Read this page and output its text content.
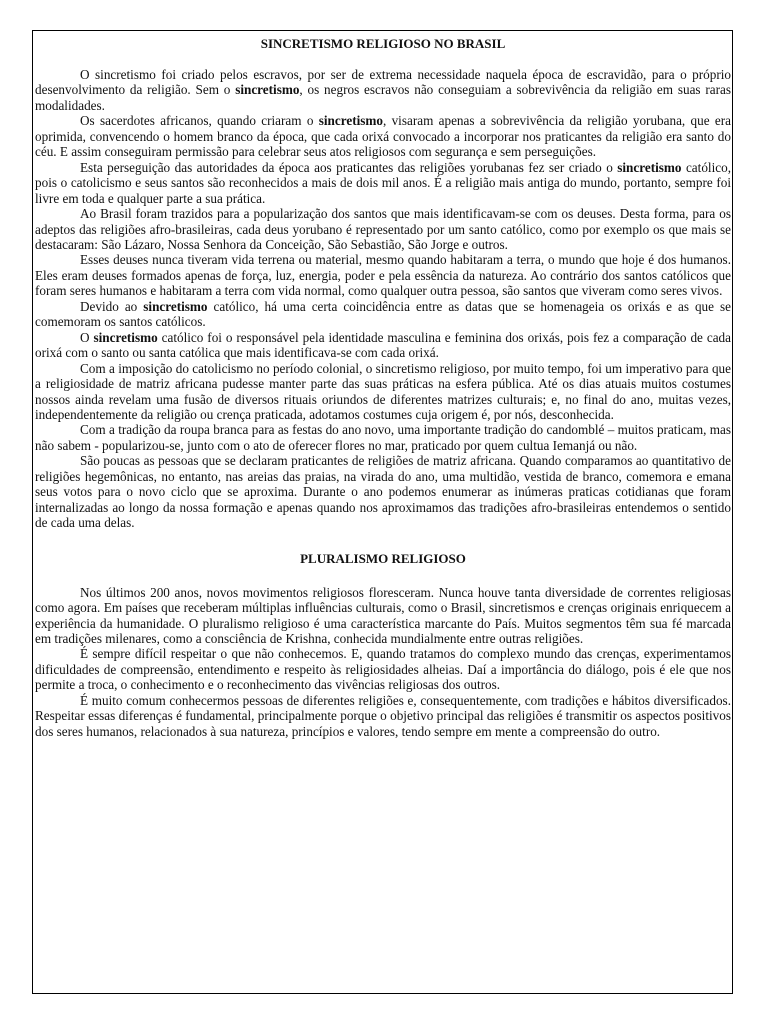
SINCRETISMO RELIGIOSO NO BRASIL

O sincretismo foi criado pelos escravos, por ser de extrema necessidade naquela época de escravidão, para o próprio desenvolvimento da religião. Sem o sincretismo, os negros escravos não conseguiam a sobrevivência da religião em suas raras modalidades.

Os sacerdotes africanos, quando criaram o sincretismo, visaram apenas a sobrevivência da religião yorubana, que era oprimida, convencendo o homem branco da época, que cada orixá convocado a incorporar nos praticantes da religião era santo do céu. E assim conseguiram permissão para celebrar seus atos religiosos com segurança e sem perseguições.

Esta perseguição das autoridades da época aos praticantes das religiões yorubanas fez ser criado o sincretismo católico, pois o catolicismo e seus santos são reconhecidos a mais de dois mil anos. É a religião mais antiga do mundo, portanto, sempre foi livre em toda e qualquer parte a sua prática.

Ao Brasil foram trazidos para a popularização dos santos que mais identificavam-se com os deuses. Desta forma, para os adeptos das religiões afro-brasileiras, cada deus yorubano é representado por um santo católico, como por exemplo os que mais se destacaram: São Lázaro, Nossa Senhora da Conceição, São Sebastião, São Jorge e outros.

Esses deuses nunca tiveram vida terrena ou material, mesmo quando habitaram a terra, o mundo que hoje é dos humanos. Eles eram deuses formados apenas de força, luz, energia, poder e pela essência da natureza. Ao contrário dos santos católicos que foram seres humanos e habitaram a terra com vida normal, como qualquer outra pessoa, são santos que viveram como seres vivos.

Devido ao sincretismo católico, há uma certa coincidência entre as datas que se homenageia os orixás e as que se comemoram os santos católicos.

O sincretismo católico foi o responsável pela identidade masculina e feminina dos orixás, pois fez a comparação de cada orixá com o santo ou santa católica que mais identificava-se com cada orixá.

Com a imposição do catolicismo no período colonial, o sincretismo religioso, por muito tempo, foi um imperativo para que a religiosidade de matriz africana pudesse manter parte das suas práticas na esfera pública. Até os dias atuais muitos costumes nossos ainda revelam uma fusão de diversos rituais oriundos de diferentes matrizes culturais; e, no final do ano, muitas vezes, independentemente da religião ou crença praticada, adotamos costumes cuja origem é, por nós, desconhecida.

Com a tradição da roupa branca para as festas do ano novo, uma importante tradição do candomblé – muitos praticam, mas não sabem - popularizou-se, junto com o ato de oferecer flores no mar, praticado por quem cultua Iemanjá ou não.

São poucas as pessoas que se declaram praticantes de religiões de matriz africana. Quando comparamos ao quantitativo de religiões hegemônicas, no entanto, nas areias das praias, na virada do ano, uma multidão, vestida de branco, comemora e emana seus votos para o novo ciclo que se aproxima. Durante o ano podemos enumerar as inúmeras praticas cotidianas que foram internalizadas ao longo da nossa formação e apenas quando nos aproximamos das tradições afro-brasileiras entendemos o sentido de cada uma delas.

PLURALISMO RELIGIOSO

Nos últimos 200 anos, novos movimentos religiosos floresceram. Nunca houve tanta diversidade de correntes religiosas como agora. Em países que receberam múltiplas influências culturais, como o Brasil, sincretismos e crenças originais enriquecem a experiência da humanidade. O pluralismo religioso é uma característica marcante do País. Muitos segmentos têm sua fé marcada em tradições milenares, como a consciência de Krishna, conhecida mundialmente entre outras religiões.

É sempre difícil respeitar o que não conhecemos. E, quando tratamos do complexo mundo das crenças, experimentamos dificuldades de compreensão, entendimento e respeito às religiosidades alheias. Daí a importância do diálogo, pois é ele que nos permite a troca, o conhecimento e o reconhecimento das vivências religiosas dos outros.

É muito comum conhecermos pessoas de diferentes religiões e, consequentemente, com tradições e hábitos diversificados. Respeitar essas diferenças é fundamental, principalmente porque o objetivo principal das religiões é transmitir os aspectos positivos dos seres humanos, relacionados à sua natureza, princípios e valores, tendo sempre em mente a compreensão do outro.
